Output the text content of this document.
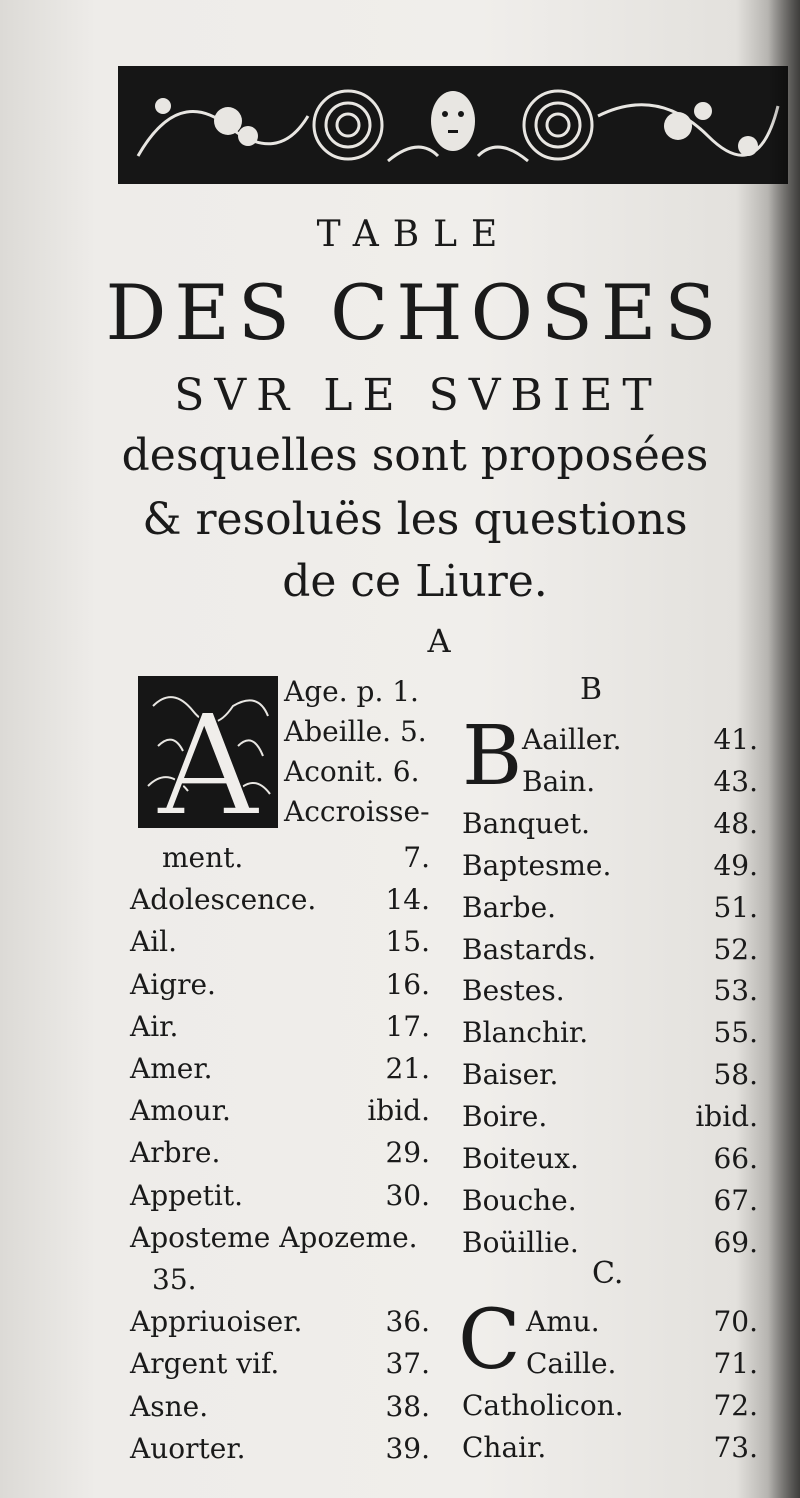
TABLE
DES CHOSES
SVR LE SVBIET
desquelles sont proposées
& resoluës les questions
de ce Liure.
A
A Age. p. 1.
Abeille. 5.
Aconit. 6.
Accroisse-
ment.	7.
Adolescence. 14.
Ail.	15.
Aigre.	16.
Air.	17.
Amer.	21.
Amour.	ibid.
Arbre.	29.
Appetit.	30.
Aposteme Apozeme.
35.
Appriuoiser.	36.
Argent vif.	37.
Asne.	38.
Auorter.	39.
B
B Aailler.	41.
Bain.	43.
Banquet.	48.
Baptesme.	49.
Barbe.	51.
Bastards.	52.
Bestes.	53.
Blanchir.	55.
Baiser.	58.
Boire.	ibid.
Boiteux.	66.
Bouche.	67.
Boüillie.	69.
C.
C Amu.	70.
Caille.	71.
Catholicon.	72.
Chair.	73.
